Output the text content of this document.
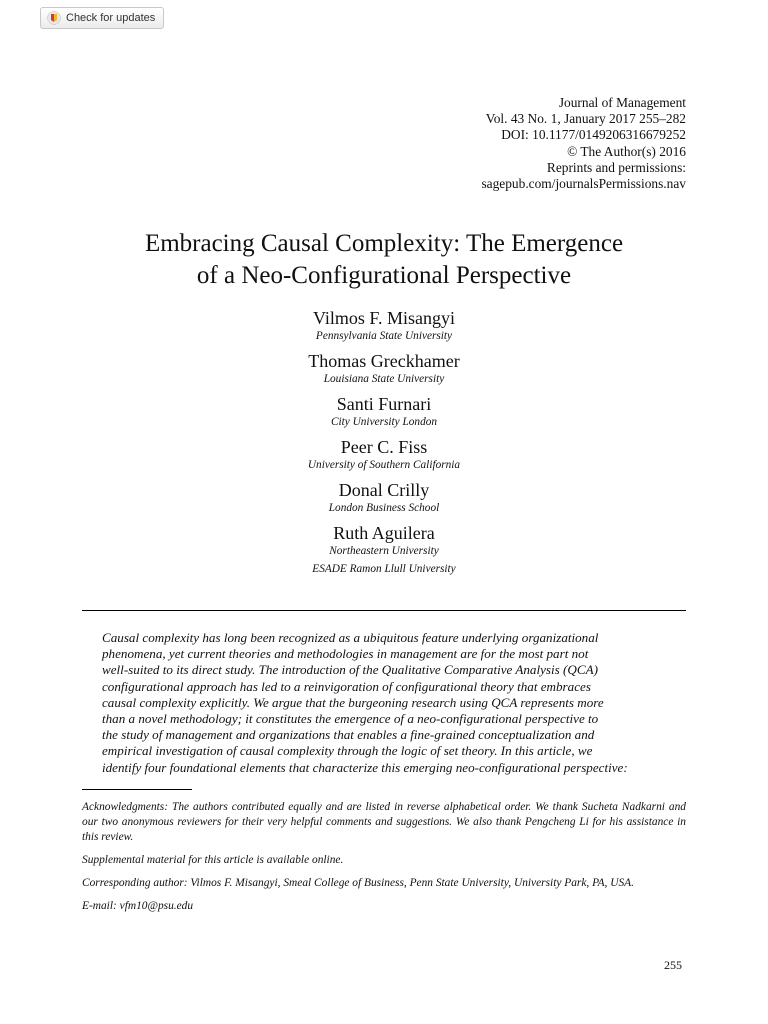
Check for updates
Journal of Management
Vol. 43 No. 1, January 2017 255–282
DOI: 10.1177/0149206316679252
© The Author(s) 2016
Reprints and permissions:
sagepub.com/journalsPermissions.nav
Embracing Causal Complexity: The Emergence
of a Neo-Configurational Perspective
Vilmos F. Misangyi
Pennsylvania State University
Thomas Greckhamer
Louisiana State University
Santi Furnari
City University London
Peer C. Fiss
University of Southern California
Donal Crilly
London Business School
Ruth Aguilera
Northeastern University
ESADE Ramon Llull University
Causal complexity has long been recognized as a ubiquitous feature underlying organizational
phenomena, yet current theories and methodologies in management are for the most part not
well-suited to its direct study. The introduction of the Qualitative Comparative Analysis (QCA)
configurational approach has led to a reinvigoration of configurational theory that embraces
causal complexity explicitly. We argue that the burgeoning research using QCA represents more
than a novel methodology; it constitutes the emergence of a neo-configurational perspective to
the study of management and organizations that enables a fine-grained conceptualization and
empirical investigation of causal complexity through the logic of set theory. In this article, we
identify four foundational elements that characterize this emerging neo-configurational perspective:

Acknowledgments: The authors contributed equally and are listed in reverse alphabetical order. We thank Sucheta Nadkarni and our two anonymous reviewers for their very helpful comments and suggestions. We also thank Pengcheng Li for his assistance in this review.

Supplemental material for this article is available online.

Corresponding author: Vilmos F. Misangyi, Smeal College of Business, Penn State University, University Park, PA, USA.

E-mail: vfm10@psu.edu

255
